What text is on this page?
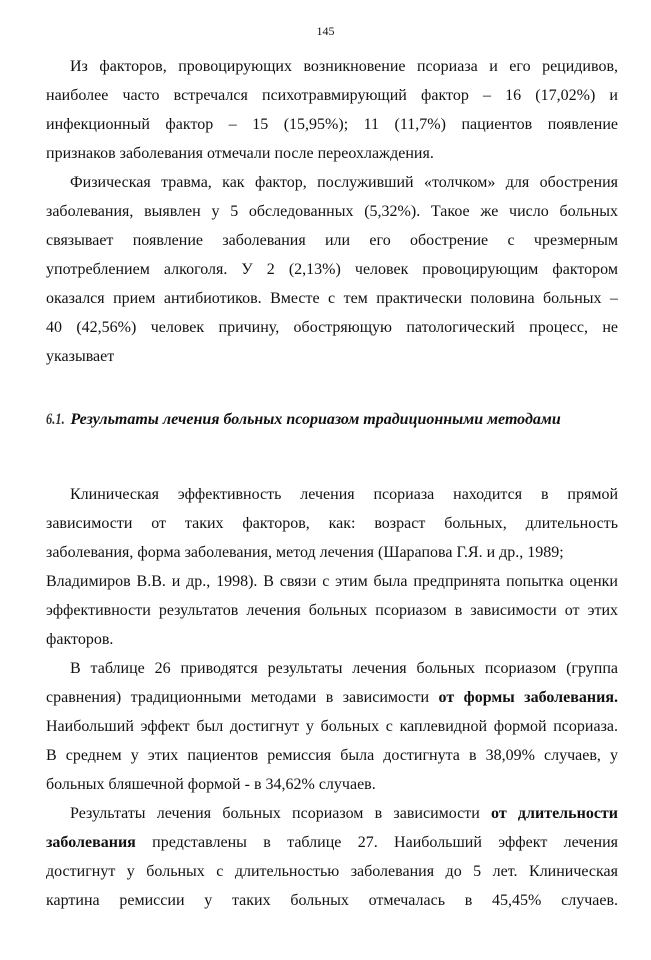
145
Из факторов, провоцирующих возникновение псориаза и его рецидивов,
наиболее часто встречался психотравмирующий фактор – 16 (17,02%) и
инфекционный фактор – 15 (15,95%); 11 (11,7%) пациентов появление
признаков заболевания отмечали после переохлаждения.
Физическая травма, как фактор, послуживший «толчком» для обострения
заболевания, выявлен у 5 обследованных (5,32%). Такое же число больных
связывает появление заболевания или его обострение с чрезмерным
употреблением алкоголя. У 2 (2,13%) человек провоцирующим фактором
оказался прием антибиотиков. Вместе с тем практически половина больных –
40 (42,56%) человек причину, обостряющую патологический процесс, не
указывает
6.1. Результаты лечения больных псориазом традиционными методами
Клиническая эффективность лечения псориаза находится в прямой
зависимости от таких факторов, как: возраст больных, длительность
заболевания, форма заболевания, метод лечения (Шарапова Г.Я. и др., 1989;
Владимиров В.В. и др., 1998). В связи с этим была предпринята попытка оценки
эффективности результатов лечения больных псориазом в зависимости от этих
факторов.
В таблице 26 приводятся результаты лечения больных псориазом (группа
сравнения) традиционными методами в зависимости от формы заболевания.
Наибольший эффект был достигнут у больных с каплевидной формой псориаза.
В среднем у этих пациентов ремиссия была достигнута в 38,09% случаев, у
больных бляшечной формой - в 34,62% случаев.
Результаты лечения больных псориазом в зависимости от длительности
заболевания представлены в таблице 27. Наибольший эффект лечения
достигнут у больных с длительностью заболевания до 5 лет. Клиническая
картина ремиссии у таких больных отмечалась в 45,45% случаев.
